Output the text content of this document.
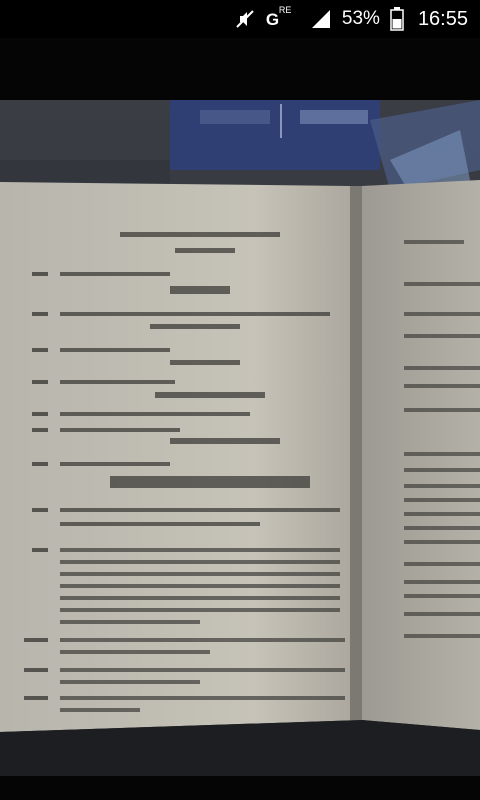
G RE	53% 16:55
